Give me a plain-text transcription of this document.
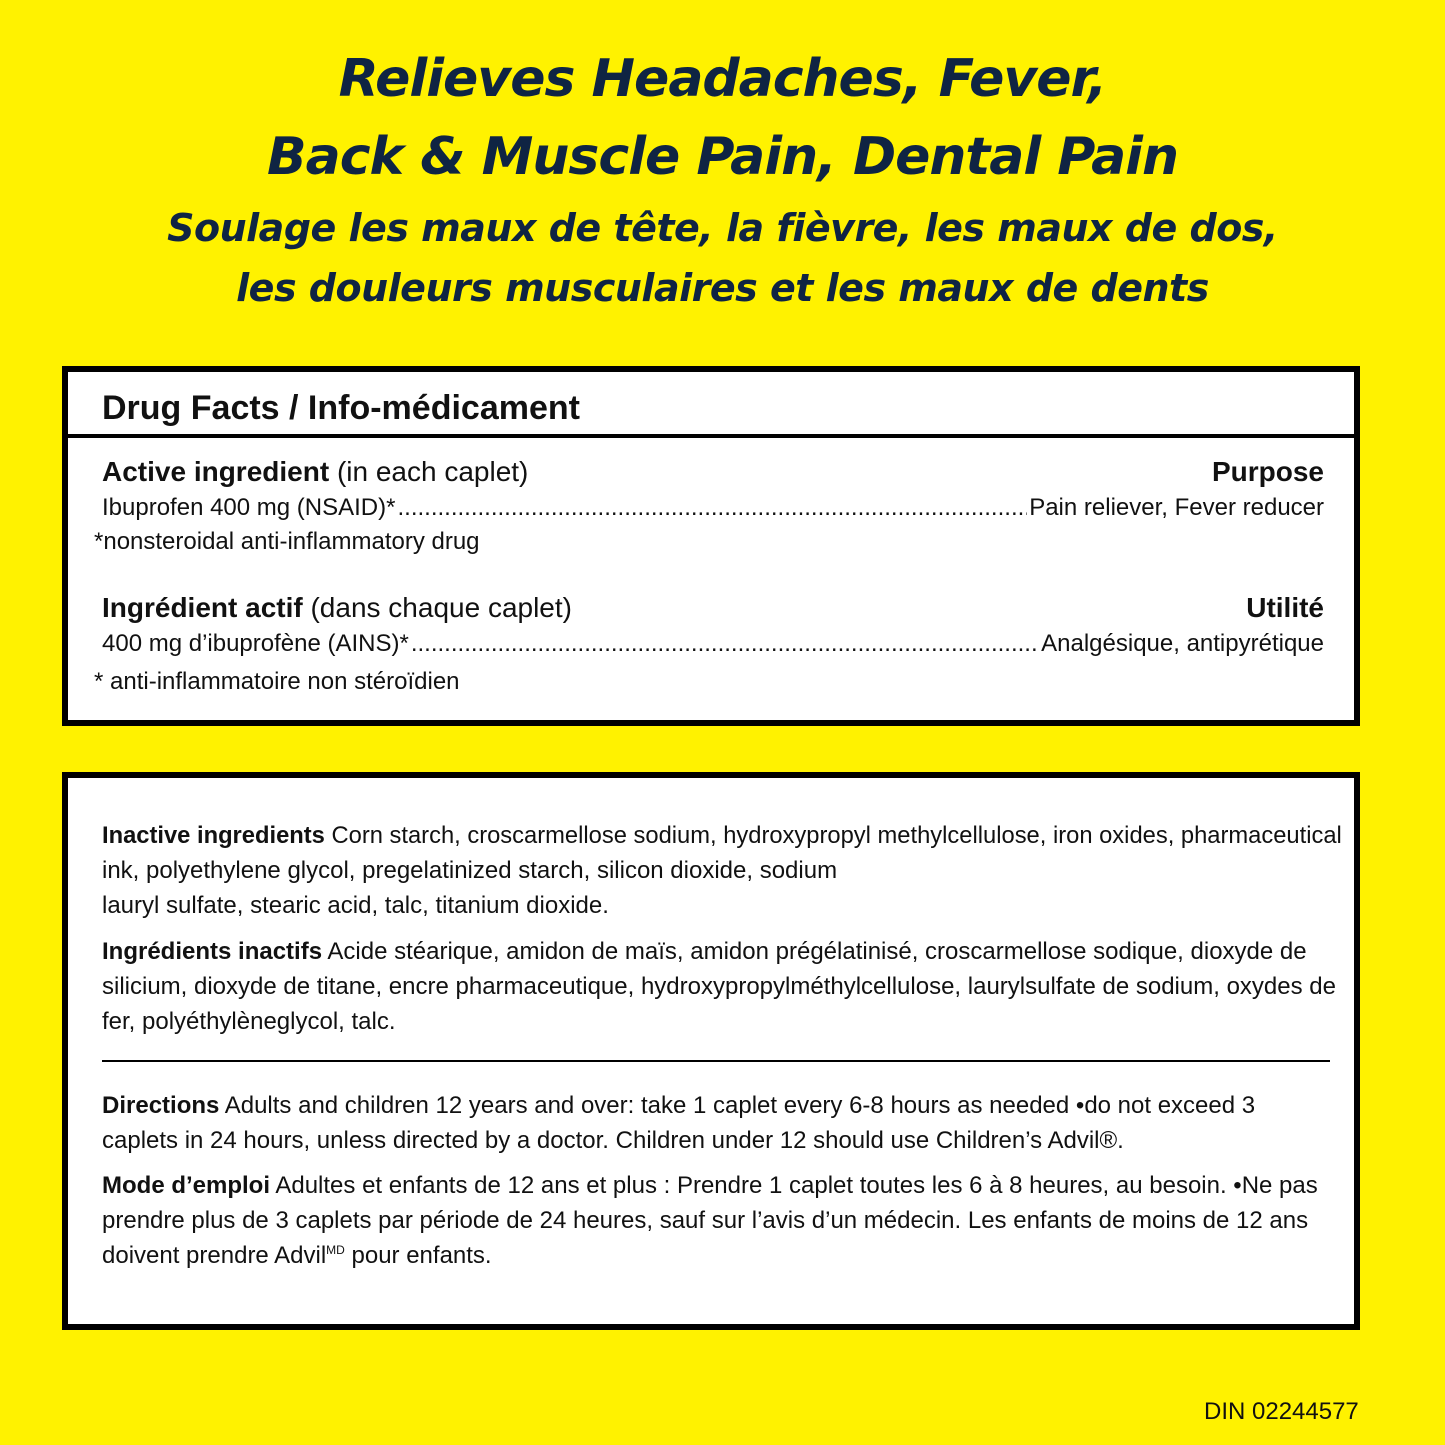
Relieves Headaches, Fever,
Back & Muscle Pain, Dental Pain
Soulage les maux de tête, la fièvre, les maux de dos,
les douleurs musculaires et les maux de dents
Drug Facts / Info-médicament
Active ingredient (in each caplet)	Purpose
Ibuprofen 400 mg (NSAID)* .....	Pain reliever, Fever reducer
*nonsteroidal anti-inflammatory drug
Ingrédient actif (dans chaque caplet)	Utilité
400 mg d’ibuprofène (AINS)* .....	Analgésique, antipyrétique
* anti-inflammatoire non stéroïdien
Inactive ingredients Corn starch, croscarmellose sodium, hydroxypropyl methylcellulose, iron oxides, pharmaceutical
ink, polyethylene glycol, pregelatinized starch, silicon dioxide, sodium
lauryl sulfate, stearic acid, talc, titanium dioxide.
Ingrédients inactifs Acide stéarique, amidon de maïs, amidon prégélatinisé, croscarmellose sodique, dioxyde de
silicium, dioxyde de titane, encre pharmaceutique, hydroxypropylméthylcellulose, laurylsulfate de sodium, oxydes de
fer, polyéthylèneglycol, talc.
Directions Adults and children 12 years and over: take 1 caplet every 6-8 hours as needed •do not exceed 3
caplets in 24 hours, unless directed by a doctor. Children under 12 should use Children’s Advil®.
Mode d’emploi Adultes et enfants de 12 ans et plus : Prendre 1 caplet toutes les 6 à 8 heures, au besoin. •Ne pas
prendre plus de 3 caplets par période de 24 heures, sauf sur l’avis d’un médecin. Les enfants de moins de 12 ans
doivent prendre Advil$^{MD}$ pour enfants.
DIN 02244577
